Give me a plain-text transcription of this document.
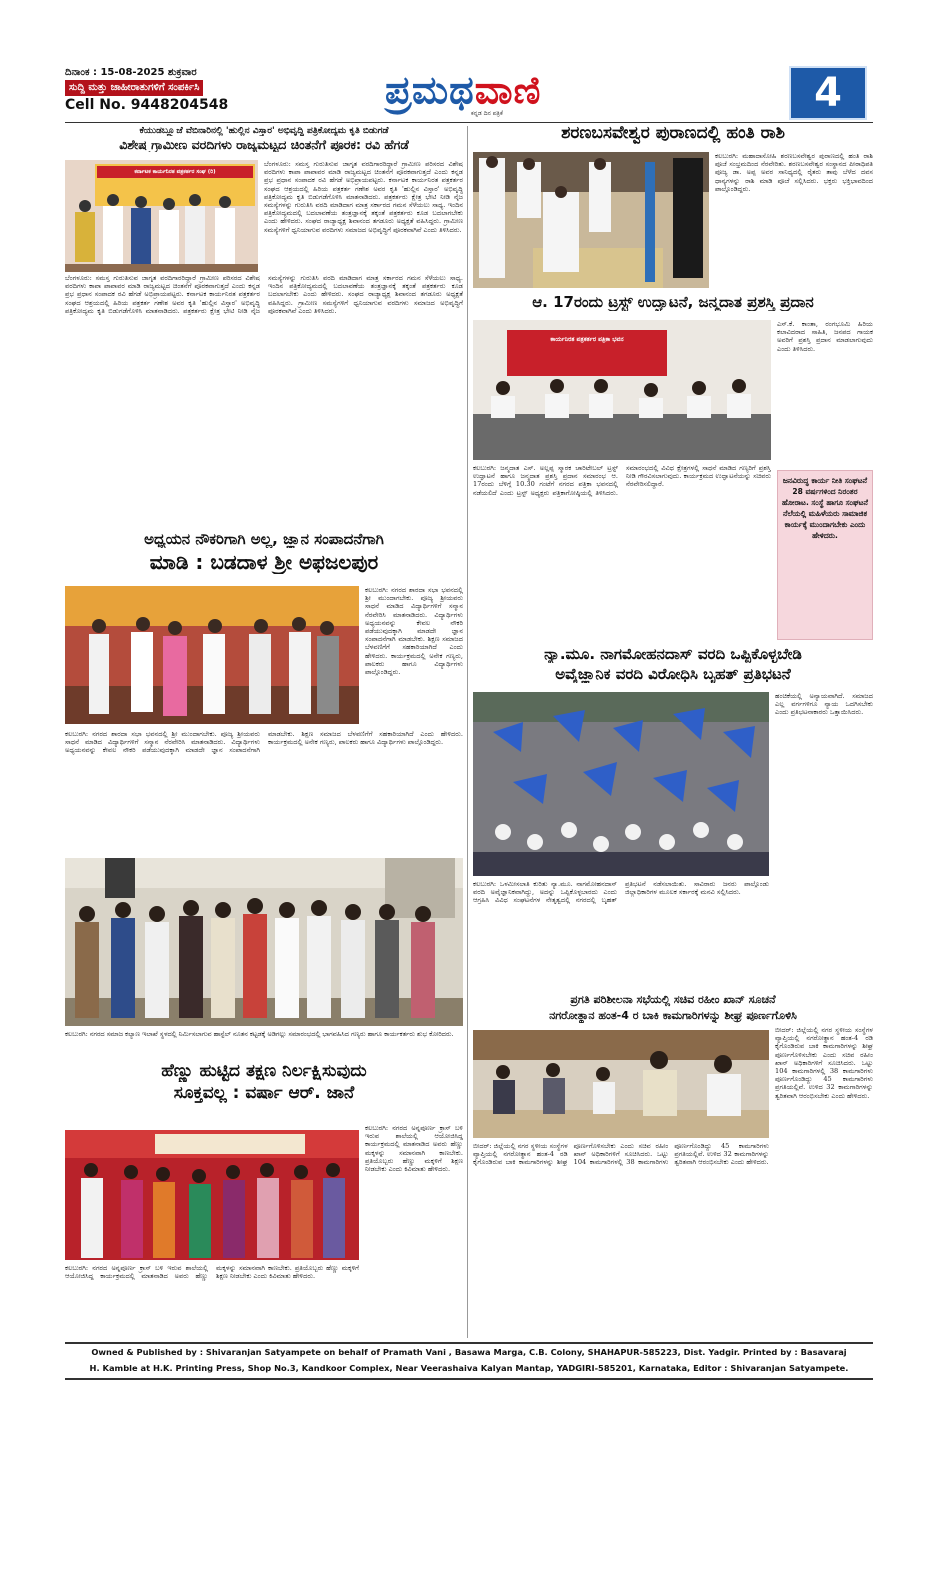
ದಿನಾಂಕ : 15-08-2025 ಶುಕ್ರವಾರ
ಸುದ್ದಿ ಮತ್ತು ಜಾಹೀರಾತುಗಳಿಗೆ ಸಂಪರ್ಕಿಸಿ
Cell No. 9448204548	ಪ್ರಮಥವಾಣಿ
ಕನ್ನಡ ದಿನ ಪತ್ರಿಕೆ	4
ಕೆಯುಡಬ್ಲ್ಯೂಜೆ ವೆಬಿನಾರಿನಲ್ಲಿ 'ಹುಲ್ಲಿನ ವಿಸ್ತಾರ' ಅಭಿವೃದ್ಧಿ ಪತ್ರಿಕೋದ್ಯಮ ಕೃತಿ ಬಿಡುಗಡೆ
ವಿಶೇಷ ಗ್ರಾಮೀಣ ವರದಿಗಳು ರಾಜ್ಯಮಟ್ಟದ ಚಿಂತನೆಗೆ ಪೂರಕ: ರವಿ ಹೆಗಡೆ
ಕರ್ನಾಟಕ ಕಾರ್ಯನಿರತ ಪತ್ರಕರ್ತರ ಸಂಘ (ರಿ)
ಬೆಂಗಳೂರು: ಸಮಸ್ತ ಗುರುತಿಸುವ ಜಾಗೃತ ವರದಿಗಾರರಿದ್ದಾರೆ ಗ್ರಾಮೀಣ ಪರಿಸರದ ವಿಶೇಷ ವರದಿಗಳು ಕಾಪಾ ಪಾಪಾವರ ಮಾಡಿ ರಾಜ್ಯಮಟ್ಟದ ಚಿಂತನೆಗೆ ಪೂರಕವಾಗುತ್ತದೆ ಎಂದು ಕನ್ನಡ ಪ್ರಭ ಪ್ರಧಾನ ಸಂಪಾದಕ ರವಿ ಹೆಗಡೆ ಅಭಿಪ್ರಾಯಪಟ್ಟರು. ಕರ್ನಾಟಕ ಕಾರ್ಯನಿರತ ಪತ್ರಕರ್ತರ ಸಂಘದ ಆಶ್ರಯದಲ್ಲಿ ಹಿರಿಯ ಪತ್ರಕರ್ತ ಗಣೇಶ ಅವರ ಕೃತಿ 'ಹುಲ್ಲಿನ ವಿಸ್ತಾರ' ಅಭಿವೃದ್ಧಿ ಪತ್ರಿಕೋದ್ಯಮ ಕೃತಿ ಬಿಡುಗಡೆಗೊಳಿಸಿ ಮಾತನಾಡಿದರು. ಪತ್ರಕರ್ತರು ಕ್ಷೇತ್ರ ಭೇಟಿ ನೀಡಿ ನೈಜ ಸಮಸ್ಯೆಗಳನ್ನು ಗುರುತಿಸಿ ವರದಿ ಮಾಡಿದಾಗ ಮಾತ್ರ ಸರ್ಕಾರದ ಗಮನ ಸೆಳೆಯಲು ಸಾಧ್ಯ. ಇಂದಿನ ಪತ್ರಿಕೋದ್ಯಮದಲ್ಲಿ ಬದಲಾವಣೆಯ ತಂತ್ರಜ್ಞಾನಕ್ಕೆ ತಕ್ಕಂತೆ ಪತ್ರಕರ್ತರು ಕೂಡ ಬದಲಾಗಬೇಕು ಎಂದು ಹೇಳಿದರು. ಸಂಘದ ರಾಜ್ಯಾಧ್ಯಕ್ಷ ಶಿವಾನಂದ ತಗಡೂರು ಅಧ್ಯಕ್ಷತೆ ವಹಿಸಿದ್ದರು. ಗ್ರಾಮೀಣ ಸಮಸ್ಯೆಗಳಿಗೆ ಧ್ವನಿಯಾಗುವ ವರದಿಗಳು ಸಮಾಜದ ಅಭಿವೃದ್ಧಿಗೆ ಪೂರಕವಾಗಿವೆ ಎಂದು ತಿಳಿಸಿದರು.
ಬೆಂಗಳೂರು: ಸಮಸ್ತ ಗುರುತಿಸುವ ಜಾಗೃತ ವರದಿಗಾರರಿದ್ದಾರೆ ಗ್ರಾಮೀಣ ಪರಿಸರದ ವಿಶೇಷ ವರದಿಗಳು ಕಾಪಾ ಪಾಪಾವರ ಮಾಡಿ ರಾಜ್ಯಮಟ್ಟದ ಚಿಂತನೆಗೆ ಪೂರಕವಾಗುತ್ತದೆ ಎಂದು ಕನ್ನಡ ಪ್ರಭ ಪ್ರಧಾನ ಸಂಪಾದಕ ರವಿ ಹೆಗಡೆ ಅಭಿಪ್ರಾಯಪಟ್ಟರು. ಕರ್ನಾಟಕ ಕಾರ್ಯನಿರತ ಪತ್ರಕರ್ತರ ಸಂಘದ ಆಶ್ರಯದಲ್ಲಿ ಹಿರಿಯ ಪತ್ರಕರ್ತ ಗಣೇಶ ಅವರ ಕೃತಿ 'ಹುಲ್ಲಿನ ವಿಸ್ತಾರ' ಅಭಿವೃದ್ಧಿ ಪತ್ರಿಕೋದ್ಯಮ ಕೃತಿ ಬಿಡುಗಡೆಗೊಳಿಸಿ ಮಾತನಾಡಿದರು. ಪತ್ರಕರ್ತರು ಕ್ಷೇತ್ರ ಭೇಟಿ ನೀಡಿ ನೈಜ ಸಮಸ್ಯೆಗಳನ್ನು ಗುರುತಿಸಿ ವರದಿ ಮಾಡಿದಾಗ ಮಾತ್ರ ಸರ್ಕಾರದ ಗಮನ ಸೆಳೆಯಲು ಸಾಧ್ಯ. ಇಂದಿನ ಪತ್ರಿಕೋದ್ಯಮದಲ್ಲಿ ಬದಲಾವಣೆಯ ತಂತ್ರಜ್ಞಾನಕ್ಕೆ ತಕ್ಕಂತೆ ಪತ್ರಕರ್ತರು ಕೂಡ ಬದಲಾಗಬೇಕು ಎಂದು ಹೇಳಿದರು. ಸಂಘದ ರಾಜ್ಯಾಧ್ಯಕ್ಷ ಶಿವಾನಂದ ತಗಡೂರು ಅಧ್ಯಕ್ಷತೆ ವಹಿಸಿದ್ದರು. ಗ್ರಾಮೀಣ ಸಮಸ್ಯೆಗಳಿಗೆ ಧ್ವನಿಯಾಗುವ ವರದಿಗಳು ಸಮಾಜದ ಅಭಿವೃದ್ಧಿಗೆ ಪೂರಕವಾಗಿವೆ ಎಂದು ತಿಳಿಸಿದರು.
ಅಧ್ಯಯನ ನೌಕರಿಗಾಗಿ ಅಲ್ಲ, ಜ್ಞಾನ ಸಂಪಾದನೆಗಾಗಿ
ಮಾಡಿ : ಬಡದಾಳ ಶ್ರೀ ಅಫಜಲಪುರ
ಕಲಬುರಗಿ: ನಗರದ ಶಾರದಾ ಸಭಾ ಭವನದಲ್ಲಿ ಶ್ರೀ ಮುಂದಾಗಬೇಕು. ಪೂಜ್ಯ ಶ್ರೀಯವರು ಸಾಧನೆ ಮಾಡಿದ ವಿದ್ಯಾರ್ಥಿಗಳಿಗೆ ಸನ್ಮಾನ ನೆರವೇರಿಸಿ ಮಾತನಾಡಿದರು. ವಿದ್ಯಾರ್ಥಿಗಳು ಅಧ್ಯಯನವನ್ನು ಕೇವಲ ನೌಕರಿ ಪಡೆಯುವುದಕ್ಕಾಗಿ ಮಾಡದೇ ಜ್ಞಾನ ಸಂಪಾದನೆಗಾಗಿ ಮಾಡಬೇಕು. ಶಿಕ್ಷಣ ಸಮಾಜದ ಬೆಳವಣಿಗೆಗೆ ಸಹಕಾರಿಯಾಗಿದೆ ಎಂದು ಹೇಳಿದರು. ಕಾರ್ಯಕ್ರಮದಲ್ಲಿ ಅನೇಕ ಗಣ್ಯರು, ಪಾಲಕರು ಹಾಗೂ ವಿದ್ಯಾರ್ಥಿಗಳು ಪಾಲ್ಗೊಂಡಿದ್ದರು.
ಕಲಬುರಗಿ: ನಗರದ ಶಾರದಾ ಸಭಾ ಭವನದಲ್ಲಿ ಶ್ರೀ ಮುಂದಾಗಬೇಕು. ಪೂಜ್ಯ ಶ್ರೀಯವರು ಸಾಧನೆ ಮಾಡಿದ ವಿದ್ಯಾರ್ಥಿಗಳಿಗೆ ಸನ್ಮಾನ ನೆರವೇರಿಸಿ ಮಾತನಾಡಿದರು. ವಿದ್ಯಾರ್ಥಿಗಳು ಅಧ್ಯಯನವನ್ನು ಕೇವಲ ನೌಕರಿ ಪಡೆಯುವುದಕ್ಕಾಗಿ ಮಾಡದೇ ಜ್ಞಾನ ಸಂಪಾದನೆಗಾಗಿ ಮಾಡಬೇಕು. ಶಿಕ್ಷಣ ಸಮಾಜದ ಬೆಳವಣಿಗೆಗೆ ಸಹಕಾರಿಯಾಗಿದೆ ಎಂದು ಹೇಳಿದರು. ಕಾರ್ಯಕ್ರಮದಲ್ಲಿ ಅನೇಕ ಗಣ್ಯರು, ಪಾಲಕರು ಹಾಗೂ ವಿದ್ಯಾರ್ಥಿಗಳು ಪಾಲ್ಗೊಂಡಿದ್ದರು.
ಕಲಬುರಗಿ: ನಗರದ ಸಮಾಜ ಕಲ್ಯಾಣ ಇಲಾಖೆ ಸ್ಥಳದಲ್ಲಿ ನಿರ್ಮಿಸಲಾಗುವ ಹಾಸ್ಟೆಲ್ ನೂತನ ಕಟ್ಟಡಕ್ಕೆ ಅಡಿಗಲ್ಲು ಸಮಾರಂಭದಲ್ಲಿ ಭಾಗವಹಿಸಿದ ಗಣ್ಯರು ಹಾಗೂ ಕಾರ್ಯಕರ್ತರು ಶುಭ ಕೋರಿದರು.
ಹೆಣ್ಣು ಹುಟ್ಟಿದ ತಕ್ಷಣ ನಿರ್ಲಕ್ಷಿಸುವುದು
ಸೂಕ್ತವಲ್ಲ : ವರ್ಷಾ ಆರ್. ಜಾನೆ
ಕಲಬುರಗಿ: ನಗರದ ಅನ್ನಪೂರ್ಣ ಕ್ರಾಸ್ ಬಳಿ ಇರುವ ಶಾಲೆಯಲ್ಲಿ ಆಯೋಜಿಸಿದ್ದ ಕಾರ್ಯಕ್ರಮದಲ್ಲಿ ಮಾತನಾಡಿದ ಅವರು ಹೆಣ್ಣು ಮಕ್ಕಳನ್ನು ಸಮಾನವಾಗಿ ಕಾಣಬೇಕು. ಪ್ರತಿಯೊಬ್ಬರು ಹೆಣ್ಣು ಮಕ್ಕಳಿಗೆ ಶಿಕ್ಷಣ ನೀಡಬೇಕು ಎಂದು ಕಿವಿಮಾತು ಹೇಳಿದರು.
ಕಲಬುರಗಿ: ನಗರದ ಅನ್ನಪೂರ್ಣ ಕ್ರಾಸ್ ಬಳಿ ಇರುವ ಶಾಲೆಯಲ್ಲಿ ಆಯೋಜಿಸಿದ್ದ ಕಾರ್ಯಕ್ರಮದಲ್ಲಿ ಮಾತನಾಡಿದ ಅವರು ಹೆಣ್ಣು ಮಕ್ಕಳನ್ನು ಸಮಾನವಾಗಿ ಕಾಣಬೇಕು. ಪ್ರತಿಯೊಬ್ಬರು ಹೆಣ್ಣು ಮಕ್ಕಳಿಗೆ ಶಿಕ್ಷಣ ನೀಡಬೇಕು ಎಂದು ಕಿವಿಮಾತು ಹೇಳಿದರು.
ಶರಣಬಸವೇಶ್ವರ ಪುರಾಣದಲ್ಲಿ ಹಂತಿ ರಾಶಿ
ಕಲಬುರಗಿ: ಮಹಾದಾಸೋಹಿ ಶರಣಬಸವೇಶ್ವರ ಪುರಾಣದಲ್ಲಿ ಹಂತಿ ರಾಶಿ ಪೂಜೆ ಸಂಭ್ರಮದಿಂದ ನೆರವೇರಿತು. ಶರಣಬಸವೇಶ್ವರ ಸಂಸ್ಥಾನದ ಪೀಠಾಧಿಪತಿ ಪೂಜ್ಯ ಡಾ. ಅಪ್ಪ ಅವರ ಸಾನಿಧ್ಯದಲ್ಲಿ ರೈತರು ತಾವು ಬೆಳೆದ ದವಸ ಧಾನ್ಯಗಳನ್ನು ರಾಶಿ ಮಾಡಿ ಪೂಜೆ ಸಲ್ಲಿಸಿದರು. ಭಕ್ತರು ಭಕ್ತಿಭಾವದಿಂದ ಪಾಲ್ಗೊಂಡಿದ್ದರು.
ಆ. 17ರಂದು ಟ್ರಸ್ಟ್ ಉದ್ಘಾಟನೆ, ಜನ್ಮದಾತ ಪ್ರಶಸ್ತಿ ಪ್ರದಾನ
ಕಾರ್ಯನಿರತ ಪತ್ರಕರ್ತರ ಪತ್ರಿಕಾ ಭವನ
ಎಸ್.ಕೆ. ಕಾಂತಾ, ರಂಗಭೂಮಿ ಹಿರಿಯ ಕಲಾವಿದರಾದ ಸಾಹಿತಿ, ಜನಪದ ಗಾಯಕ ಅವರಿಗೆ ಪ್ರಶಸ್ತಿ ಪ್ರದಾನ ಮಾಡಲಾಗುವುದು ಎಂದು ತಿಳಿಸಿದರು.
ಕಲಬುರಗಿ: ಜನ್ಮದಾತ ಎಸ್. ಅಲ್ಲಪ್ಪ ಸ್ಮಾರಕ ಚಾರಿಟೇಬಲ್ ಟ್ರಸ್ಟ್ ಉದ್ಘಾಟನೆ ಹಾಗೂ ಜನ್ಮದಾತ ಪ್ರಶಸ್ತಿ ಪ್ರದಾನ ಸಮಾರಂಭ ಆ. 17ರಂದು ಬೆಳಿಗ್ಗೆ 10.30 ಗಂಟೆಗೆ ನಗರದ ಪತ್ರಿಕಾ ಭವನದಲ್ಲಿ ನಡೆಯಲಿದೆ ಎಂದು ಟ್ರಸ್ಟ್ ಅಧ್ಯಕ್ಷರು ಪತ್ರಿಕಾಗೋಷ್ಠಿಯಲ್ಲಿ ತಿಳಿಸಿದರು. ಸಮಾರಂಭದಲ್ಲಿ ವಿವಿಧ ಕ್ಷೇತ್ರಗಳಲ್ಲಿ ಸಾಧನೆ ಮಾಡಿದ ಗಣ್ಯರಿಗೆ ಪ್ರಶಸ್ತಿ ನೀಡಿ ಗೌರವಿಸಲಾಗುವುದು. ಕಾರ್ಯಕ್ರಮದ ಉದ್ಘಾಟನೆಯನ್ನು ಸಚಿವರು ನೆರವೇರಿಸಲಿದ್ದಾರೆ.	ಜನವಿರುದ್ಧ ಕಾರ್ಯ ನೀತಿ ಸಂಘಟನೆ 28 ವರ್ಷಗಳಿಂದ ನಿರಂತರ ಹೋರಾಟ. ಸಂಸ್ಥೆ ಹಾಗೂ ಸಂಘಟನೆ ನೆಲೆಯಲ್ಲಿ ಮಹಿಳೆಯರು ಸಾಮಾಜಿಕ ಕಾರ್ಯಕ್ಕೆ ಮುಂದಾಗಬೇಕು ಎಂದು ಹೇಳಿದರು.
ನ್ಯಾ.ಮೂ. ನಾಗಮೋಹನದಾಸ್ ವರದಿ ಒಪ್ಪಿಕೊಳ್ಳಬೇಡಿ
ಅವೈಜ್ಞಾನಿಕ ವರದಿ ವಿರೋಧಿಸಿ ಬೃಹತ್ ಪ್ರತಿಭಟನೆ
ಹಂಚಿಕೆಯಲ್ಲಿ ಅನ್ಯಾಯವಾಗಿದೆ. ಸಮಾಜದ ಎಲ್ಲ ವರ್ಗಗಳಿಗೂ ನ್ಯಾಯ ಒದಗಿಸಬೇಕು ಎಂದು ಪ್ರತಿಭಟನಾಕಾರರು ಒತ್ತಾಯಿಸಿದರು.
ಕಲಬುರಗಿ: ಒಳಮೀಸಲಾತಿ ಕುರಿತು ನ್ಯಾ.ಮೂ. ನಾಗಮೋಹನದಾಸ್ ವರದಿ ಅವೈಜ್ಞಾನಿಕವಾಗಿದ್ದು, ಅದನ್ನು ಒಪ್ಪಿಕೊಳ್ಳಬಾರದು ಎಂದು ಆಗ್ರಹಿಸಿ ವಿವಿಧ ಸಂಘಟನೆಗಳ ನೇತೃತ್ವದಲ್ಲಿ ನಗರದಲ್ಲಿ ಬೃಹತ್ ಪ್ರತಿಭಟನೆ ನಡೆಸಲಾಯಿತು. ಸಾವಿರಾರು ಜನರು ಪಾಲ್ಗೊಂಡು ಜಿಲ್ಲಾಧಿಕಾರಿಗಳ ಮೂಲಕ ಸರ್ಕಾರಕ್ಕೆ ಮನವಿ ಸಲ್ಲಿಸಿದರು.
ಪ್ರಗತಿ ಪರಿಶೀಲನಾ ಸಭೆಯಲ್ಲಿ ಸಚಿವ ರಹೀಂ ಖಾನ್ ಸೂಚನೆ
ನಗರೋತ್ಥಾನ ಹಂತ-4 ರ ಬಾಕಿ ಕಾಮಗಾರಿಗಳನ್ನು ಶೀಘ್ರ ಪೂರ್ಣಗೊಳಿಸಿ
ಬೀದರ್: ಜಿಲ್ಲೆಯಲ್ಲಿ ನಗರ ಸ್ಥಳೀಯ ಸಂಸ್ಥೆಗಳ ವ್ಯಾಪ್ತಿಯಲ್ಲಿ ನಗರೋತ್ಥಾನ ಹಂತ-4 ರಡಿ ಕೈಗೊಂಡಿರುವ ಬಾಕಿ ಕಾಮಗಾರಿಗಳನ್ನು ಶೀಘ್ರ ಪೂರ್ಣಗೊಳಿಸಬೇಕು ಎಂದು ಸಚಿವ ರಹೀಂ ಖಾನ್ ಅಧಿಕಾರಿಗಳಿಗೆ ಸೂಚಿಸಿದರು. ಒಟ್ಟು 104 ಕಾಮಗಾರಿಗಳಲ್ಲಿ 38 ಕಾಮಗಾರಿಗಳು ಪೂರ್ಣಗೊಂಡಿದ್ದು 45 ಕಾಮಗಾರಿಗಳು ಪ್ರಗತಿಯಲ್ಲಿವೆ. ಉಳಿದ 32 ಕಾಮಗಾರಿಗಳನ್ನು ತ್ವರಿತವಾಗಿ ಆರಂಭಿಸಬೇಕು ಎಂದು ಹೇಳಿದರು.
ಬೀದರ್: ಜಿಲ್ಲೆಯಲ್ಲಿ ನಗರ ಸ್ಥಳೀಯ ಸಂಸ್ಥೆಗಳ ವ್ಯಾಪ್ತಿಯಲ್ಲಿ ನಗರೋತ್ಥಾನ ಹಂತ-4 ರಡಿ ಕೈಗೊಂಡಿರುವ ಬಾಕಿ ಕಾಮಗಾರಿಗಳನ್ನು ಶೀಘ್ರ ಪೂರ್ಣಗೊಳಿಸಬೇಕು ಎಂದು ಸಚಿವ ರಹೀಂ ಖಾನ್ ಅಧಿಕಾರಿಗಳಿಗೆ ಸೂಚಿಸಿದರು. ಒಟ್ಟು 104 ಕಾಮಗಾರಿಗಳಲ್ಲಿ 38 ಕಾಮಗಾರಿಗಳು ಪೂರ್ಣಗೊಂಡಿದ್ದು 45 ಕಾಮಗಾರಿಗಳು ಪ್ರಗತಿಯಲ್ಲಿವೆ. ಉಳಿದ 32 ಕಾಮಗಾರಿಗಳನ್ನು ತ್ವರಿತವಾಗಿ ಆರಂಭಿಸಬೇಕು ಎಂದು ಹೇಳಿದರು.
Owned & Published by : Shivaranjan Satyampete on behalf of Pramath Vani , Basawa Marga, C.B. Colony, SHAHAPUR-585223, Dist. Yadgir. Printed by : Basavaraj
H. Kamble at H.K. Printing Press, Shop No.3, Kandkoor Complex, Near Veerashaiva Kalyan Mantap, YADGIRI-585201, Karnataka, Editor : Shivaranjan Satyampete.
